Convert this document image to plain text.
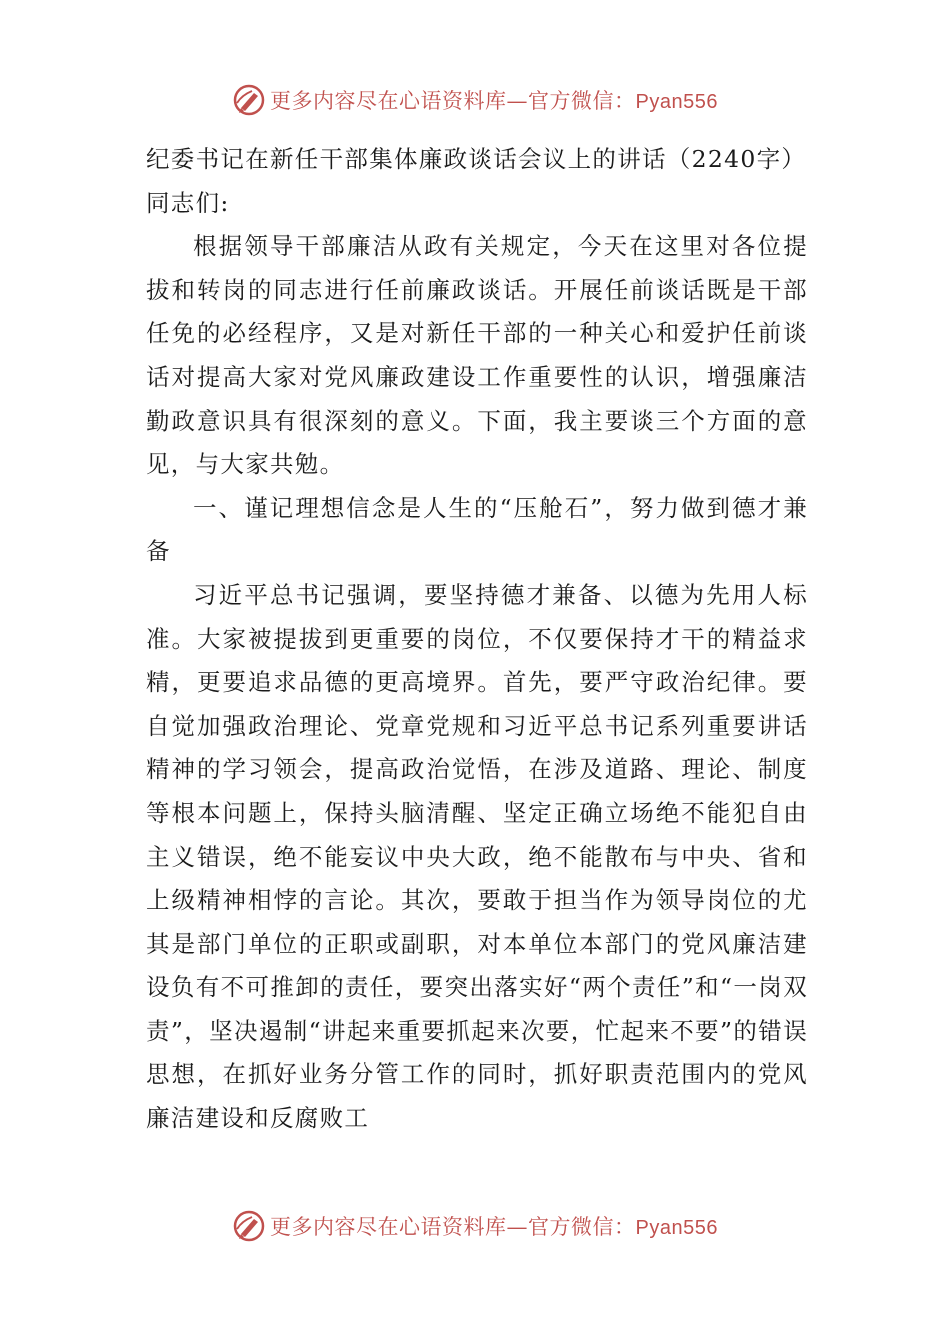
更多内容尽在心语资料库—官方微信：Pyan556

纪委书记在新任干部集体廉政谈话会议上的讲话（2240字）

同志们:

根据领导干部廉洁从政有关规定，今天在这里对各位提拔和转岗的同志进行任前廉政谈话。开展任前谈话既是干部任免的必经程序，又是对新任干部的一种关心和爱护任前谈话对提高大家对党风廉政建设工作重要性的认识，增强廉洁勤政意识具有很深刻的意义。下面，我主要谈三个方面的意见，与大家共勉。

一、谨记理想信念是人生的“压舱石”，努力做到德才兼备

习近平总书记强调，要坚持德才兼备、以德为先用人标准。大家被提拔到更重要的岗位，不仅要保持才干的精益求精，更要追求品德的更高境界。首先，要严守政治纪律。要自觉加强政治理论、党章党规和习近平总书记系列重要讲话精神的学习领会，提高政治觉悟，在涉及道路、理论、制度等根本问题上，保持头脑清醒、坚定正确立场绝不能犯自由主义错误，绝不能妄议中央大政，绝不能散布与中央、省和上级精神相悖的言论。其次，要敢于担当作为领导岗位的尤其是部门单位的正职或副职，对本单位本部门的党风廉洁建设负有不可推卸的责任，要突出落实好“两个责任”和“一岗双责”，坚决遏制“讲起来重要抓起来次要，忙起来不要”的错误思想，在抓好业务分管工作的同时，抓好职责范围内的党风廉洁建设和反腐败工

更多内容尽在心语资料库—官方微信：Pyan556
